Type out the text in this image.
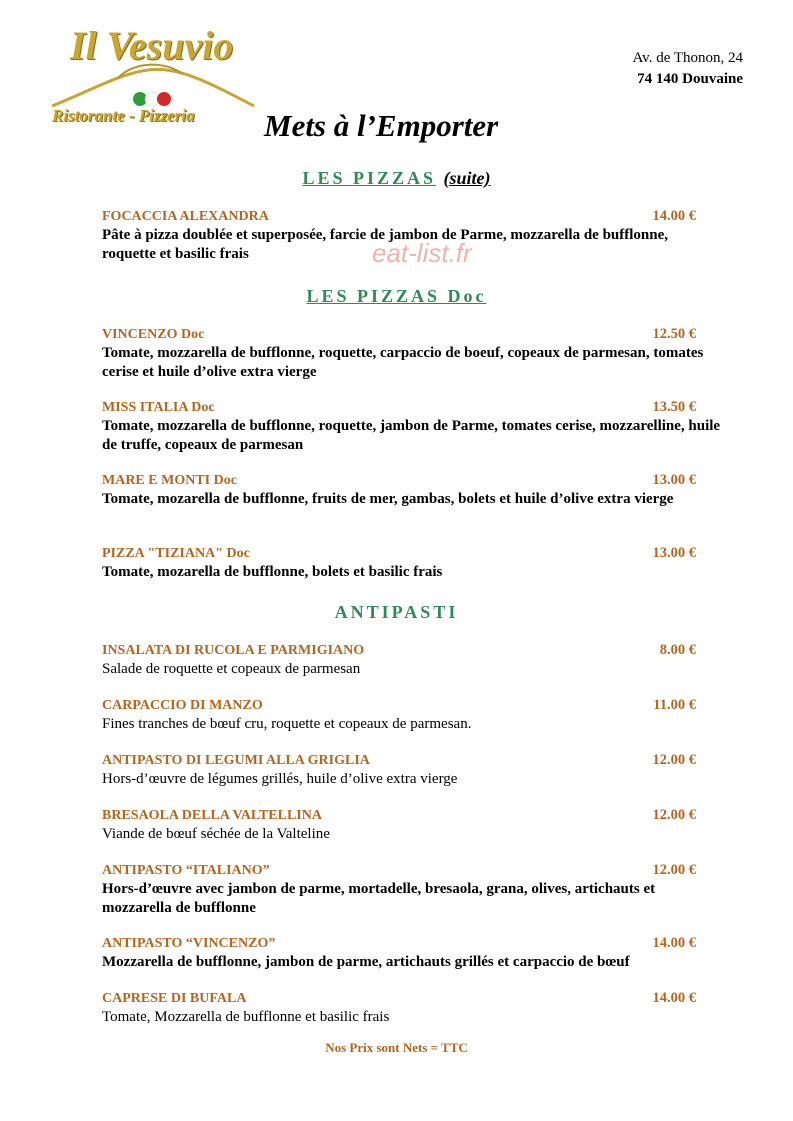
Il Vesuvio
Ristorante - Pizzeria
Av. de Thonon, 24
74 140 Douvaine
Mets à l’Emporter
LES PIZZAS (suite)
FOCACCIA ALEXANDRA	14.00 €
Pâte à pizza doublée et superposée, farcie de jambon de Parme, mozzarella de bufflonne, roquette et basilic frais	eat-list.fr
LES PIZZAS Doc
VINCENZO Doc	12.50 €
Tomate, mozzarella de bufflonne, roquette, carpaccio de boeuf, copeaux de parmesan, tomates cerise et huile d’olive extra vierge
MISS ITALIA Doc	13.50 €
Tomate, mozzarella de bufflonne, roquette, jambon de Parme, tomates cerise, mozzarelline, huile de truffe, copeaux de parmesan
MARE E MONTI Doc	13.00 €
Tomate, mozarella de bufflonne, fruits de mer, gambas, bolets et huile d’olive extra vierge
PIZZA "TIZIANA" Doc	13.00 €
Tomate, mozarella de bufflonne, bolets et basilic frais
ANTIPASTI
INSALATA DI RUCOLA E PARMIGIANO	8.00 €
Salade de roquette et copeaux de parmesan
CARPACCIO DI MANZO	11.00 €
Fines tranches de bœuf cru, roquette et copeaux de parmesan.
ANTIPASTO DI LEGUMI ALLA GRIGLIA	12.00 €
Hors-d’œuvre de légumes grillés, huile d’olive extra vierge
BRESAOLA DELLA VALTELLINA	12.00 €
Viande de bœuf séchée de la Valteline
ANTIPASTO “ITALIANO”	12.00 €
Hors-d’œuvre avec jambon de parme, mortadelle, bresaola, grana, olives, artichauts et mozzarella de bufflonne
ANTIPASTO “VINCENZO”	14.00 €
Mozzarella de bufflonne, jambon de parme, artichauts grillés et carpaccio de bœuf
CAPRESE DI BUFALA	14.00 €
Tomate, Mozzarella de bufflonne et basilic frais
Nos Prix sont Nets = TTC
